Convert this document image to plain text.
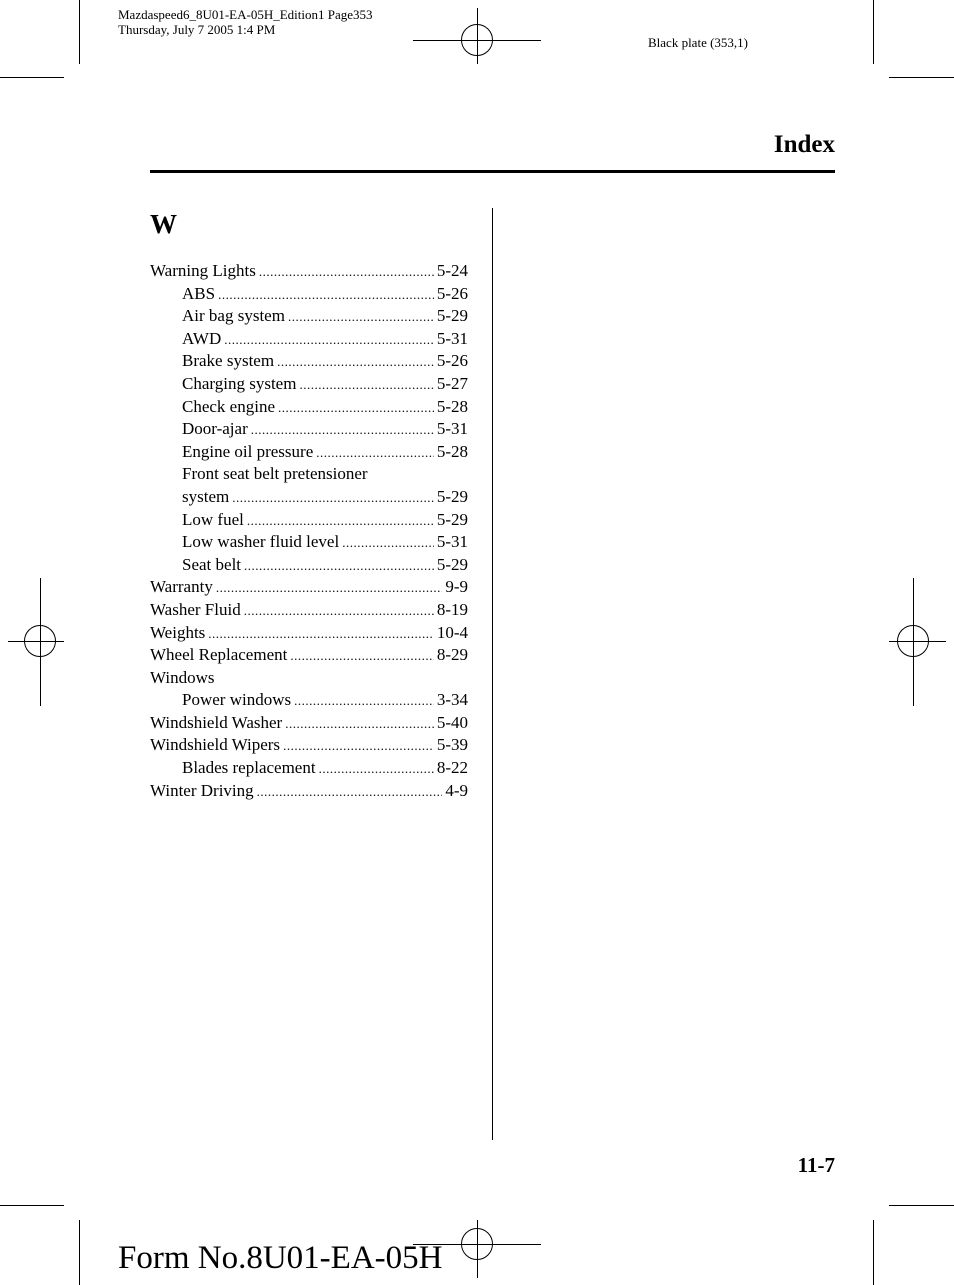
Mazdaspeed6_8U01-EA-05H_Edition1 Page353
Thursday, July 7 2005 1:4 PM
Black plate (353,1)
Index
W
Warning Lights .....	5-24
ABS .....	5-26
Air bag system .....	5-29
AWD .....	5-31
Brake system .....	5-26
Charging system .....	5-27
Check engine .....	5-28
Door-ajar .....	5-31
Engine oil pressure .....	5-28
Front seat belt pretensioner
system .....	5-29
Low fuel .....	5-29
Low washer fluid level .....	5-31
Seat belt .....	5-29
Warranty .....	9-9
Washer Fluid .....	8-19
Weights .....	10-4
Wheel Replacement .....	8-29
Windows
Power windows .....	3-34
Windshield Washer .....	5-40
Windshield Wipers .....	5-39
Blades replacement .....	8-22
Winter Driving .....	4-9
11-7
Form No.8U01-EA-05H
